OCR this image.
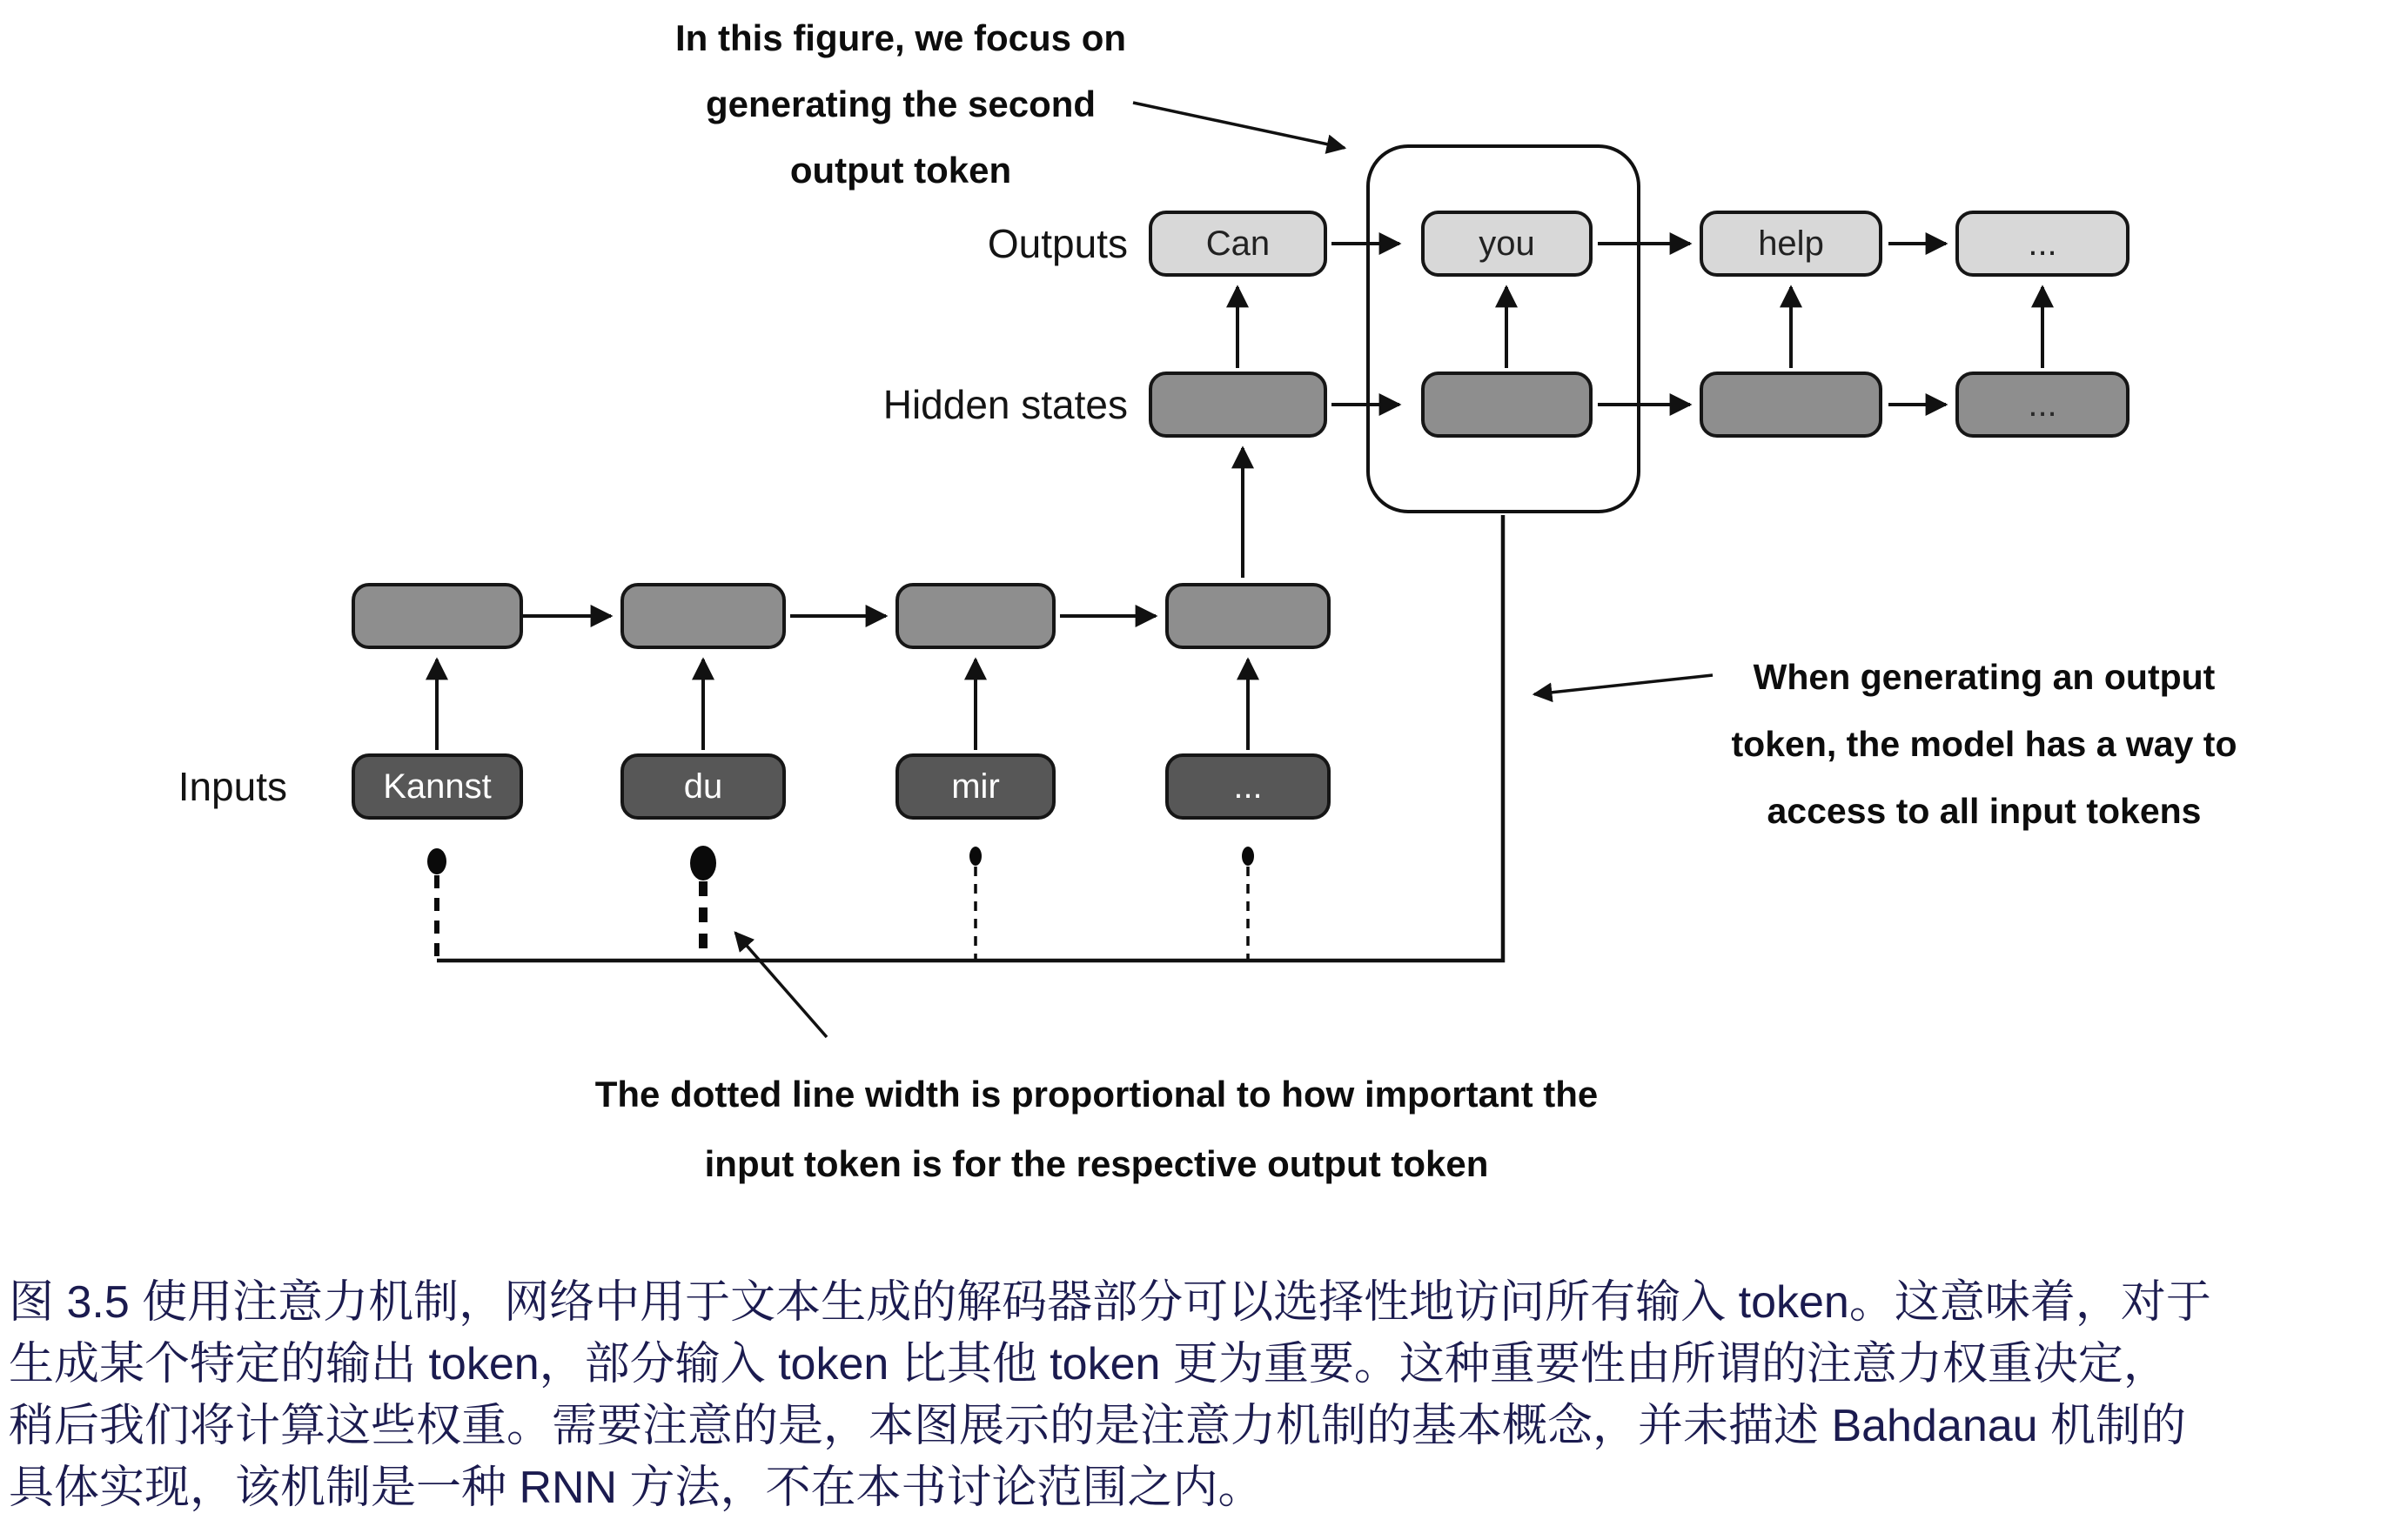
In this figure, we focus on
generating the second
output token
When generating an output
token, the model has a way to
access to all input tokens
The dotted line width is proportional to how important the
input token is for the respective output token
Outputs
Hidden states
Inputs
Can	you	help	...
...
Kannst	du	mir	...
图 3.5 使用注意力机制，网络中用于文本生成的解码器部分可以选择性地访问所有输入 token。这意味着，对于
生成某个特定的输出 token，部分输入 token 比其他 token 更为重要。这种重要性由所谓的注意力权重决定，
稍后我们将计算这些权重。需要注意的是，本图展示的是注意力机制的基本概念，并未描述 Bahdanau 机制的
具体实现，该机制是一种 RNN 方法，不在本书讨论范围之内。
